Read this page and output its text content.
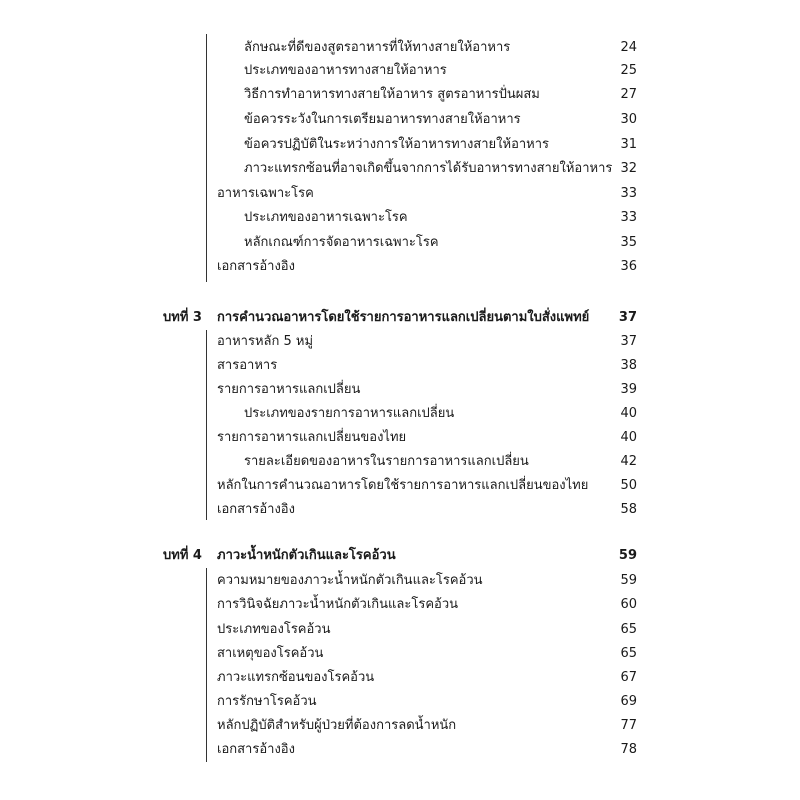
ลักษณะที่ดีของสูตรอาหารที่ให้ทางสายให้อาหาร	24
ประเภทของอาหารทางสายให้อาหาร	25
วิธีการทำอาหารทางสายให้อาหาร สูตรอาหารปั่นผสม	27
ข้อควรระวังในการเตรียมอาหารทางสายให้อาหาร	30
ข้อควรปฏิบัติในระหว่างการให้อาหารทางสายให้อาหาร	31
ภาวะแทรกซ้อนที่อาจเกิดขึ้นจากการได้รับอาหารทางสายให้อาหาร 32
อาหารเฉพาะโรค	33
ประเภทของอาหารเฉพาะโรค	33
หลักเกณฑ์การจัดอาหารเฉพาะโรค	35
เอกสารอ้างอิง	36
บทที่ 3 การคำนวณอาหารโดยใช้รายการอาหารแลกเปลี่ยนตามใบสั่งแพทย์ 37
อาหารหลัก 5 หมู่	37
สารอาหาร	38
รายการอาหารแลกเปลี่ยน	39
ประเภทของรายการอาหารแลกเปลี่ยน	40
รายการอาหารแลกเปลี่ยนของไทย	40
รายละเอียดของอาหารในรายการอาหารแลกเปลี่ยน	42
หลักในการคำนวณอาหารโดยใช้รายการอาหารแลกเปลี่ยนของไทย 50
เอกสารอ้างอิง	58
บทที่ 4 ภาวะน้ำหนักตัวเกินและโรคอ้วน	59
ความหมายของภาวะน้ำหนักตัวเกินและโรคอ้วน	59
การวินิจฉัยภาวะน้ำหนักตัวเกินและโรคอ้วน	60
ประเภทของโรคอ้วน	65
สาเหตุของโรคอ้วน	65
ภาวะแทรกซ้อนของโรคอ้วน	67
การรักษาโรคอ้วน	69
หลักปฏิบัติสำหรับผู้ป่วยที่ต้องการลดน้ำหนัก	77
เอกสารอ้างอิง	78
